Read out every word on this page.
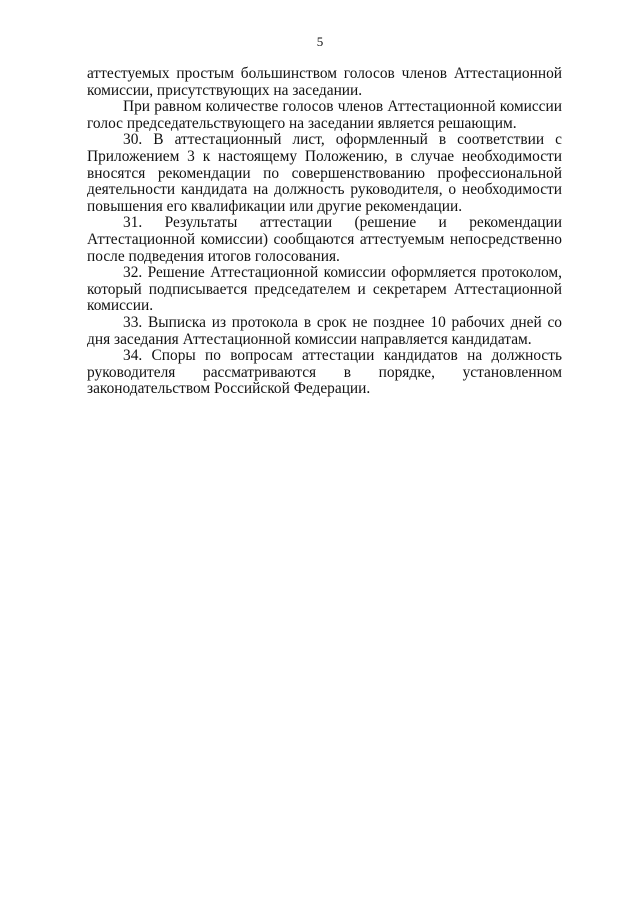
5

аттестуемых простым большинством голосов членов Аттестационной комиссии, присутствующих на заседании.

При равном количестве голосов членов Аттестационной комиссии голос председательствующего на заседании является решающим.

30. В аттестационный лист, оформленный в соответствии с Приложением 3 к настоящему Положению, в случае необходимости вносятся рекомендации по совершенствованию профессиональной деятельности кандидата на должность руководителя, о необходимости повышения его квалификации или другие рекомендации.

31. Результаты аттестации (решение и рекомендации Аттестационной комиссии) сообщаются аттестуемым непосредственно после подведения итогов голосования.

32. Решение Аттестационной комиссии оформляется протоколом, который подписывается председателем и секретарем Аттестационной комиссии.

33. Выписка из протокола в срок не позднее 10 рабочих дней со дня заседания Аттестационной комиссии направляется кандидатам.

34. Споры по вопросам аттестации кандидатов на должность руководителя рассматриваются в порядке, установленном законодательством Российской Федерации.
